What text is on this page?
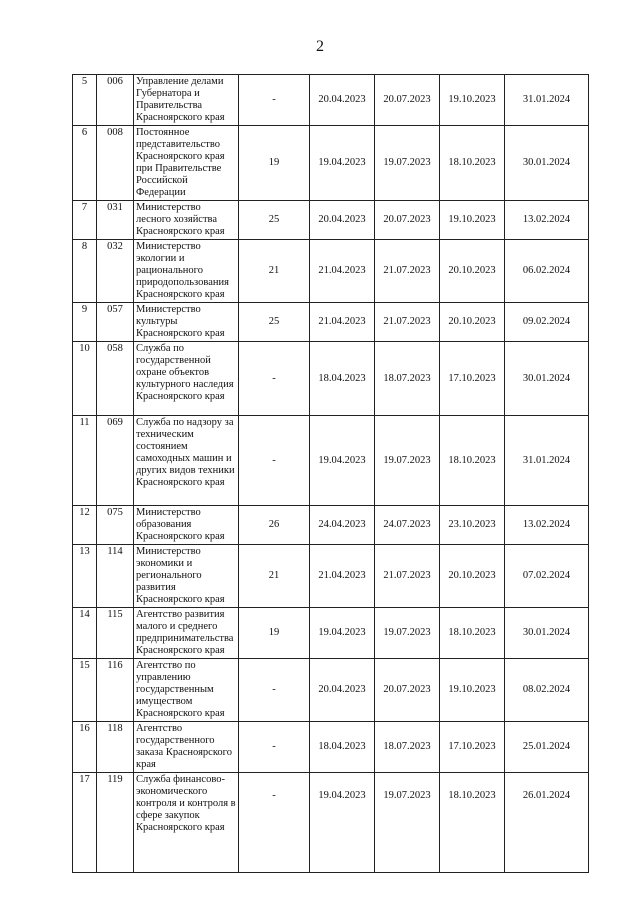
2
5	006	Управление делами Губернатора и Правительства Красноярского края	-	20.04.2023	20.07.2023	19.10.2023	31.01.2024
6	008	Постоянное представительство Красноярского края при Правительстве Российской Федерации	19	19.04.2023	19.07.2023	18.10.2023	30.01.2024
7	031	Министерство лесного хозяйства Красноярского края	25	20.04.2023	20.07.2023	19.10.2023	13.02.2024
8	032	Министерство экологии и рационального природопользования Красноярского края	21	21.04.2023	21.07.2023	20.10.2023	06.02.2024
9	057	Министерство культуры Красноярского края	25	21.04.2023	21.07.2023	20.10.2023	09.02.2024
10	058	Служба по государственной охране объектов культурного наследия Красноярского края	-	18.04.2023	18.07.2023	17.10.2023	30.01.2024
11	069	Служба по надзору за техническим состоянием самоходных машин и других видов техники Красноярского края	-	19.04.2023	19.07.2023	18.10.2023	31.01.2024
12	075	Министерство образования Красноярского края	26	24.04.2023	24.07.2023	23.10.2023	13.02.2024
13	114	Министерство экономики и регионального развития Красноярского края	21	21.04.2023	21.07.2023	20.10.2023	07.02.2024
14	115	Агентство развития малого и среднего предпринимательства Красноярского края	19	19.04.2023	19.07.2023	18.10.2023	30.01.2024
15	116	Агентство по управлению государственным имуществом Красноярского края	-	20.04.2023	20.07.2023	19.10.2023	08.02.2024
16	118	Агентство государственного заказа Красноярского края	-	18.04.2023	18.07.2023	17.10.2023	25.01.2024
17	119	Служба финансово-экономического контроля и контроля в сфере закупок Красноярского края	-	19.04.2023	19.07.2023	18.10.2023	26.01.2024
